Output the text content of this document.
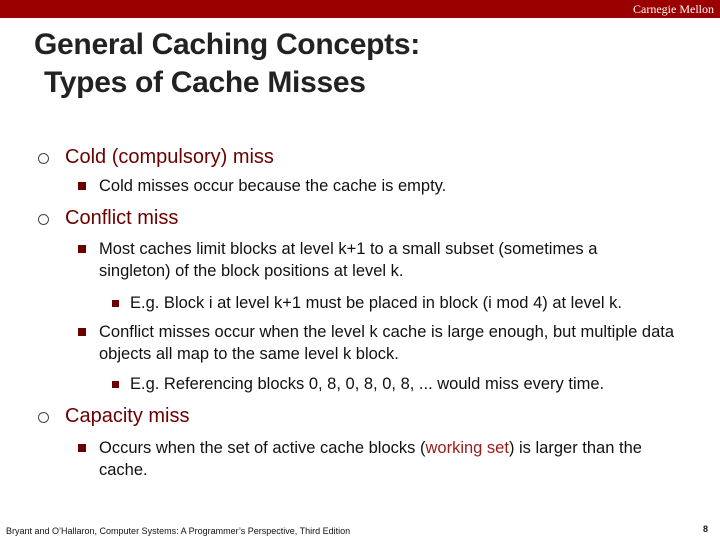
Carnegie Mellon
General Caching Concepts:
Types of Cache Misses
Cold (compulsory) miss
Cold misses occur because the cache is empty.
Conflict miss
Most caches limit blocks at level k+1 to a small subset (sometimes a singleton) of the block positions at level k.
E.g. Block i at level k+1 must be placed in block (i mod 4) at level k.
Conflict misses occur when the level k cache is large enough, but multiple data objects all map to the same level k block.
E.g. Referencing blocks 0, 8, 0, 8, 0, 8, ... would miss every time.
Capacity miss
Occurs when the set of active cache blocks (working set) is larger than the cache.
Bryant and O’Hallaron, Computer Systems: A Programmer’s Perspective, Third Edition	8
